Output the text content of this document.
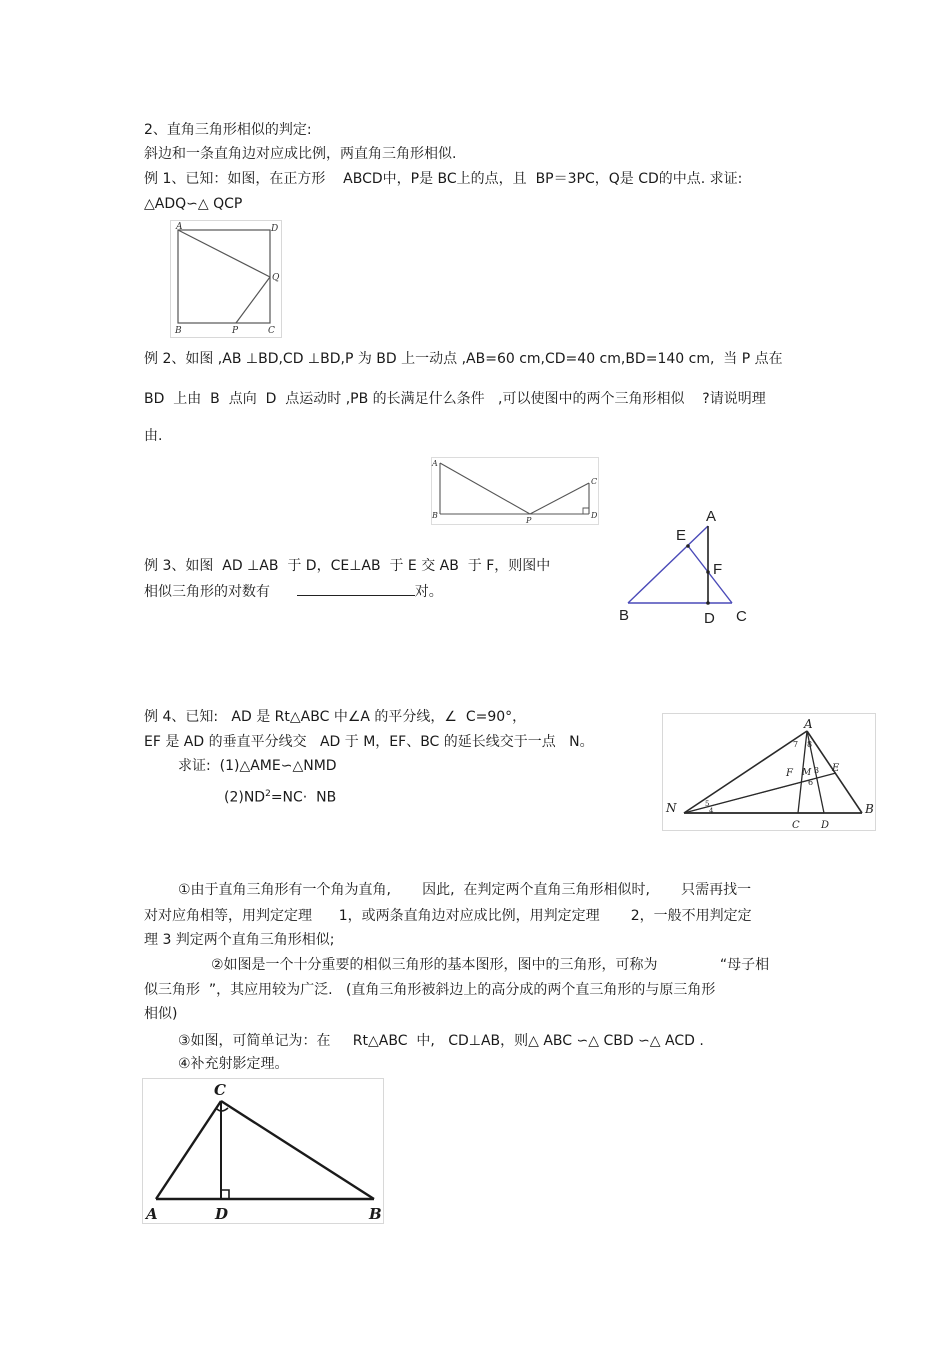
2、直角三角形相似的判定:
斜边和一条直角边对应成比例，两直角三角形相似.
例 1、已知：如图，在正方形    ABCD中，P是 BC上的点，且  BP＝3PC，Q是 CD的中点. 求证:
△ADQ∽△ QCP
A	D
Q
B	P	C
例 2、如图 ,AB ⊥BD,CD ⊥BD,P 为 BD 上一动点 ,AB=60 cm,CD=40 cm,BD=140 cm,  当 P 点在
BD  上由  B  点向  D  点运动时 ,PB 的长满足什么条件   ,可以使图中的两个三角形相似    ?请说明理
由.
A
B
P
C
D
例 3、如图  AD ⊥AB  于 D，CE⊥AB  于 E 交 AB  于 F，则图中
相似三角形的对数有	对。
A
E
F
B	D C
例 4、已知:   AD 是 Rt△ABC 中∠A 的平分线，∠  C=90°，
EF 是 AD 的垂直平分线交   AD 于 M，EF、BC 的延长线交于一点   N。
求证: (1)△AME∽△NMD
$(2)ND^2=NC\cdot$  NB
A
N
F M E
B
C D
7 8
3
6
5
4
①由于直角三角形有一个角为直角,       因此,  在判定两个直角三角形相似时,       只需再找一
对对应角相等，用判定定理      1，或两条直角边对应成比例，用判定定理       2，一般不用判定定
理 3 判定两个直角三角形相似;
②如图是一个十分重要的相似三角形的基本图形，图中的三角形，可称为              “母子相
似三角形  ”，其应用较为广泛.   (直角三角形被斜边上的高分成的两个直三角形的与原三角形
相似)
③如图，可简单记为：在     Rt△ABC  中,   CD⊥AB，则△ ABC ∽△ CBD ∽△ ACD .
④补充射影定理。
C
A	D	B
